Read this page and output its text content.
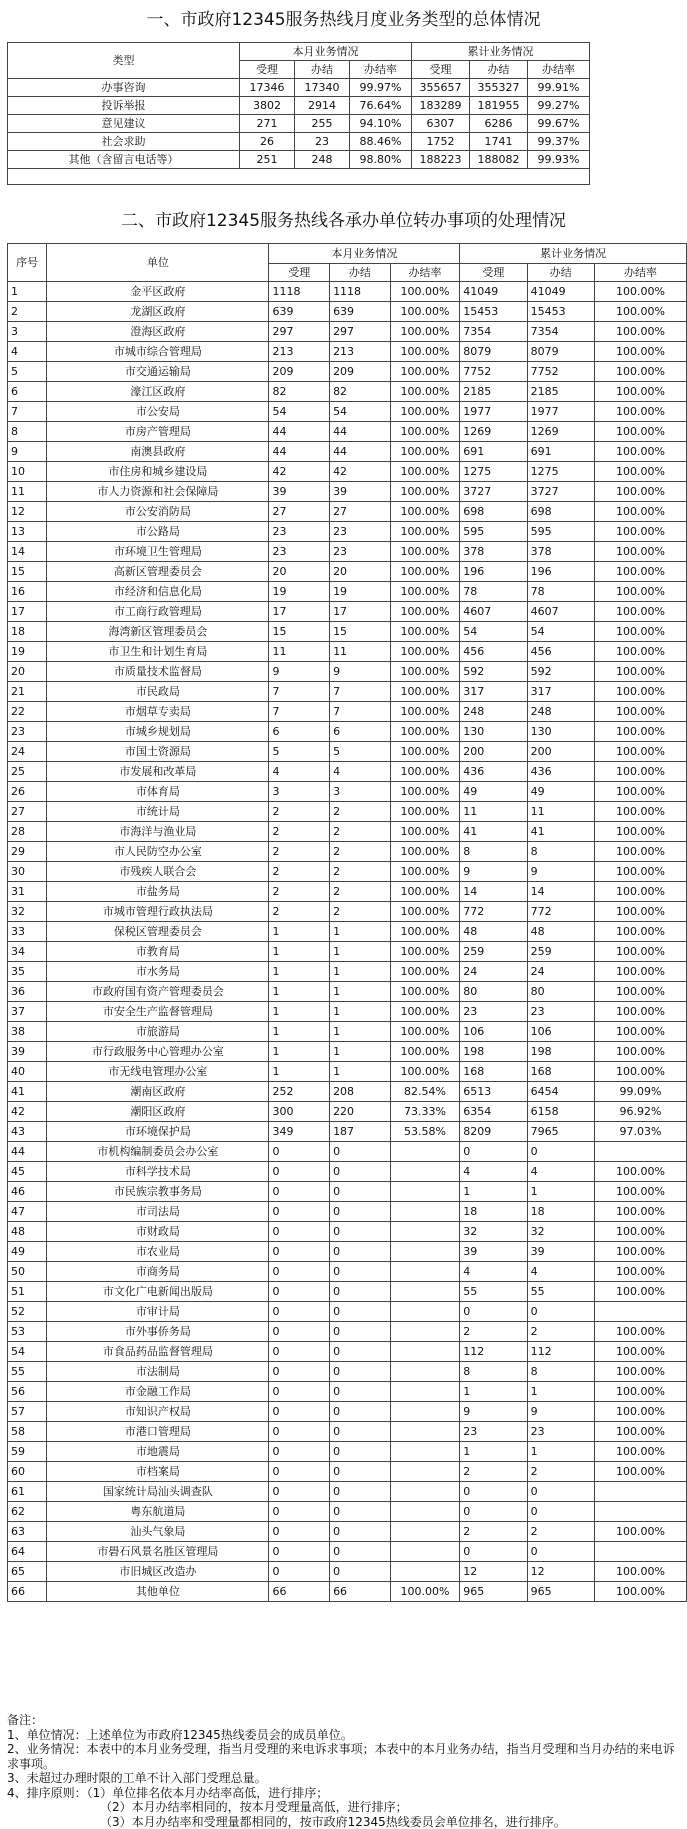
一、市政府12345服务热线月度业务类型的总体情况
类型	本月业务情况			累计业务情况			
	受理	办结	办结率	受理	办结	办结率	
办事咨询	17346	17340	99.97%	355657	355327	99.91%	
投诉举报	3802	2914	76.64%	183289	181955	99.27%	
意见建议	271	255	94.10%	6307	6286	99.67%	
社会求助	26	23	88.46%	1752	1741	99.37%	
其他（含留言电话等）	251	248	98.80%	188223	188082	99.93%	

二、市政府12345服务热线各承办单位转办事项的处理情况
序号	单位	本月业务情况			累计业务情况		
		受理	办结	办结率	受理	办结	办结率
1	金平区政府	1118	1118	100.00%	41049	41049	100.00%
2	龙湖区政府	639	639	100.00%	15453	15453	100.00%
3	澄海区政府	297	297	100.00%	7354	7354	100.00%
4	市城市综合管理局	213	213	100.00%	8079	8079	100.00%
5	市交通运输局	209	209	100.00%	7752	7752	100.00%
6	濠江区政府	82	82	100.00%	2185	2185	100.00%
7	市公安局	54	54	100.00%	1977	1977	100.00%
8	市房产管理局	44	44	100.00%	1269	1269	100.00%
9	南澳县政府	44	44	100.00%	691	691	100.00%
10	市住房和城乡建设局	42	42	100.00%	1275	1275	100.00%
11	市人力资源和社会保障局	39	39	100.00%	3727	3727	100.00%
12	市公安消防局	27	27	100.00%	698	698	100.00%
13	市公路局	23	23	100.00%	595	595	100.00%
14	市环境卫生管理局	23	23	100.00%	378	378	100.00%
15	高新区管理委员会	20	20	100.00%	196	196	100.00%
16	市经济和信息化局	19	19	100.00%	78	78	100.00%
17	市工商行政管理局	17	17	100.00%	4607	4607	100.00%
18	海湾新区管理委员会	15	15	100.00%	54	54	100.00%
19	市卫生和计划生育局	11	11	100.00%	456	456	100.00%
20	市质量技术监督局	9	9	100.00%	592	592	100.00%
21	市民政局	7	7	100.00%	317	317	100.00%
22	市烟草专卖局	7	7	100.00%	248	248	100.00%
23	市城乡规划局	6	6	100.00%	130	130	100.00%
24	市国土资源局	5	5	100.00%	200	200	100.00%
25	市发展和改革局	4	4	100.00%	436	436	100.00%
26	市体育局	3	3	100.00%	49	49	100.00%
27	市统计局	2	2	100.00%	11	11	100.00%
28	市海洋与渔业局	2	2	100.00%	41	41	100.00%
29	市人民防空办公室	2	2	100.00%	8	8	100.00%
30	市残疾人联合会	2	2	100.00%	9	9	100.00%
31	市盐务局	2	2	100.00%	14	14	100.00%
32	市城市管理行政执法局	2	2	100.00%	772	772	100.00%
33	保税区管理委员会	1	1	100.00%	48	48	100.00%
34	市教育局	1	1	100.00%	259	259	100.00%
35	市水务局	1	1	100.00%	24	24	100.00%
36	市政府国有资产管理委员会	1	1	100.00%	80	80	100.00%
37	市安全生产监督管理局	1	1	100.00%	23	23	100.00%
38	市旅游局	1	1	100.00%	106	106	100.00%
39	市行政服务中心管理办公室	1	1	100.00%	198	198	100.00%
40	市无线电管理办公室	1	1	100.00%	168	168	100.00%
41	潮南区政府	252	208	82.54%	6513	6454	99.09%
42	潮阳区政府	300	220	73.33%	6354	6158	96.92%
43	市环境保护局	349	187	53.58%	8209	7965	97.03%
44	市机构编制委员会办公室	0	0		0	0	
45	市科学技术局	0	0		4	4	100.00%
46	市民族宗教事务局	0	0		1	1	100.00%
47	市司法局	0	0		18	18	100.00%
48	市财政局	0	0		32	32	100.00%
49	市农业局	0	0		39	39	100.00%
50	市商务局	0	0		4	4	100.00%
51	市文化广电新闻出版局	0	0		55	55	100.00%
52	市审计局	0	0		0	0	
53	市外事侨务局	0	0		2	2	100.00%
54	市食品药品监督管理局	0	0		112	112	100.00%
55	市法制局	0	0		8	8	100.00%
56	市金融工作局	0	0		1	1	100.00%
57	市知识产权局	0	0		9	9	100.00%
58	市港口管理局	0	0		23	23	100.00%
59	市地震局	0	0		1	1	100.00%
60	市档案局	0	0		2	2	100.00%
61	国家统计局汕头调查队	0	0		0	0	
62	粤东航道局	0	0		0	0	
63	汕头气象局	0	0		2	2	100.00%
64	市礐石风景名胜区管理局	0	0		0	0	
65	市旧城区改造办	0	0		12	12	100.00%
66	其他单位	66	66	100.00%	965	965	100.00%
备注：
1、单位情况：上述单位为市政府12345热线委员会的成员单位。
2、业务情况：本表中的本月业务受理，指当月受理的来电诉求事项；本表中的本月业务办结，指当月受理和当月办结的来电诉求事项。
3、未超过办理时限的工单不计入部门受理总量。
4、排序原则：（1）单位排名依本月办结率高低，进行排序；
（2）本月办结率相同的，按本月受理量高低，进行排序；
（3）本月办结率和受理量都相同的，按市政府12345热线委员会单位排名，进行排序。
